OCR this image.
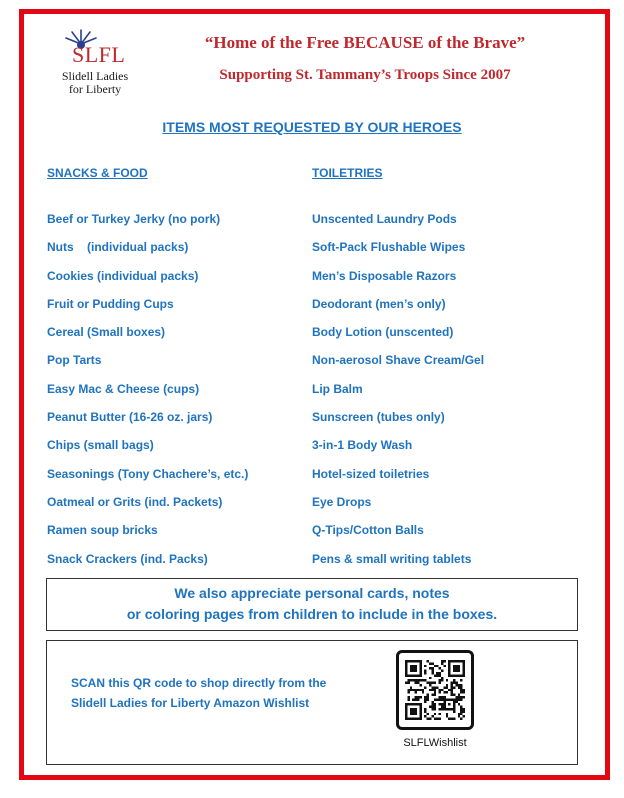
SLFL
Slidell Ladies
for Liberty
“Home of the Free BECAUSE of the Brave”
Supporting St. Tammany’s Troops Since 2007
ITEMS MOST REQUESTED BY OUR HEROES
SNACKS & FOOD
Beef or Turkey Jerky (no pork)
Nuts    (individual packs)
Cookies (individual packs)
Fruit or Pudding Cups
Cereal (Small boxes)
Pop Tarts
Easy Mac & Cheese (cups)
Peanut Butter (16-26 oz. jars)
Chips (small bags)
Seasonings (Tony Chachere’s, etc.)
Oatmeal or Grits (ind. Packets)
Ramen soup bricks
Snack Crackers (ind. Packs)
TOILETRIES
Unscented Laundry Pods
Soft-Pack Flushable Wipes
Men’s Disposable Razors
Deodorant (men’s only)
Body Lotion (unscented)
Non-aerosol Shave Cream/Gel
Lip Balm
Sunscreen (tubes only)
3-in-1 Body Wash
Hotel-sized toiletries
Eye Drops
Q-Tips/Cotton Balls
Pens & small writing tablets
We also appreciate personal cards, notes
or coloring pages from children to include in the boxes.
SCAN this QR code to shop directly from the
Slidell Ladies for Liberty Amazon Wishlist
SLFLWishlist
